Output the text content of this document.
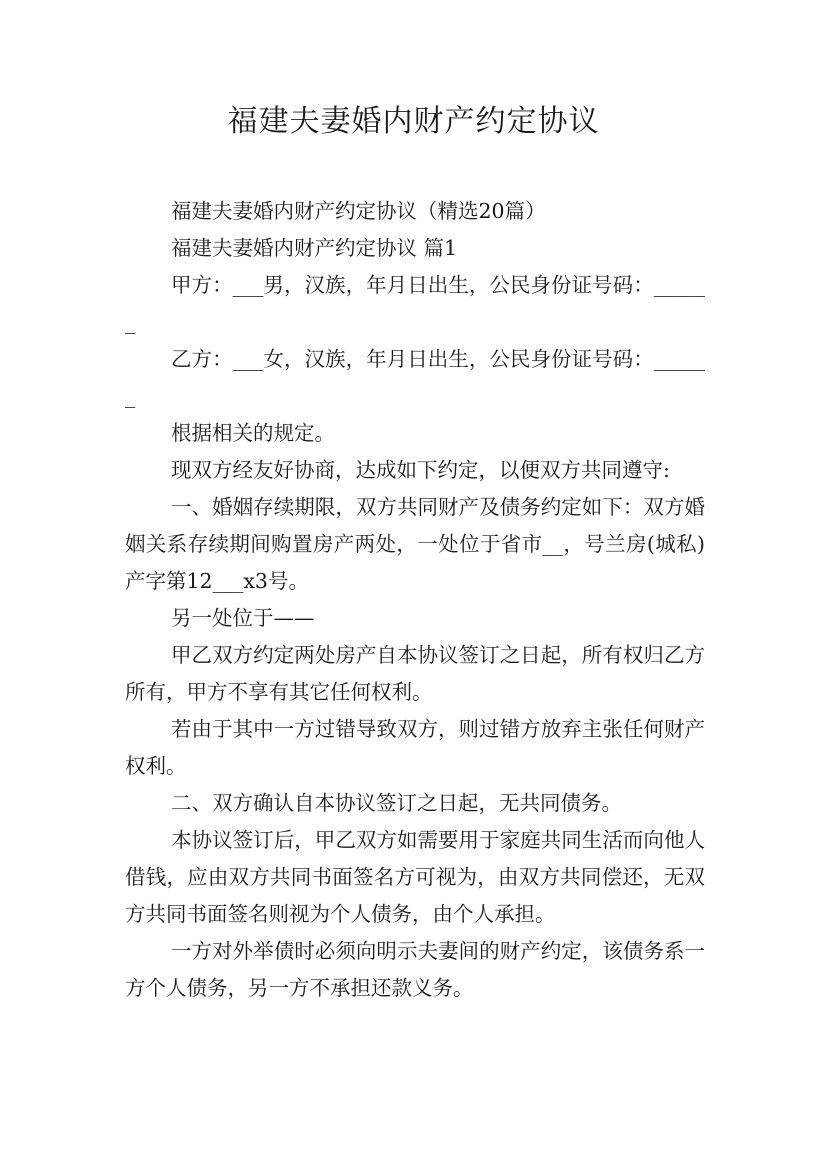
福建夫妻婚内财产约定协议

福建夫妻婚内财产约定协议（精选20篇）

福建夫妻婚内财产约定协议 篇1

甲方：___男，汉族，年月日出生，公民身份证号码：______

乙方：___女，汉族，年月日出生，公民身份证号码：______

根据相关的规定。

现双方经友好协商，达成如下约定，以便双方共同遵守:

一、婚姻存续期限，双方共同财产及债务约定如下：双方婚姻关系存续期间购置房产两处，一处位于省市__，号兰房(城私)产字第12___x3号。

另一处位于——

甲乙双方约定两处房产自本协议签订之日起，所有权归乙方所有，甲方不享有其它任何权利。

若由于其中一方过错导致双方，则过错方放弃主张任何财产权利。

二、双方确认自本协议签订之日起，无共同债务。

本协议签订后，甲乙双方如需要用于家庭共同生活而向他人借钱，应由双方共同书面签名方可视为，由双方共同偿还，无双方共同书面签名则视为个人债务，由个人承担。

一方对外举债时必须向明示夫妻间的财产约定，该债务系一方个人债务，另一方不承担还款义务。
